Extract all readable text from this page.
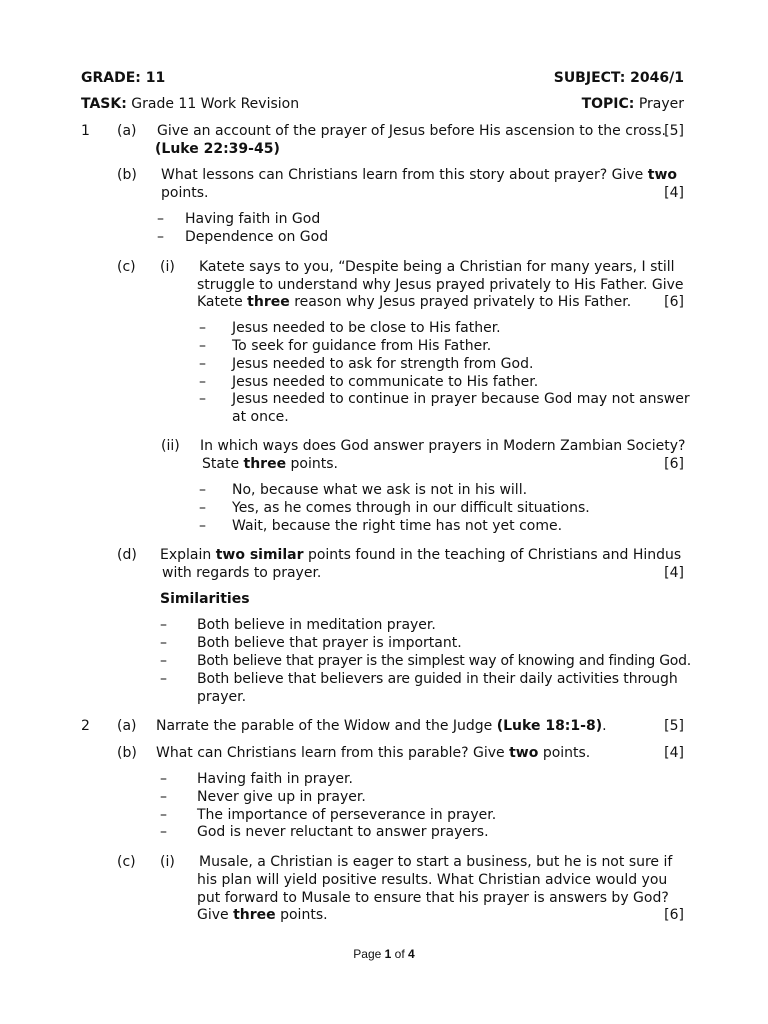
GRADE: 11	SUBJECT: 2046/1
TASK: Grade 11 Work Revision	TOPIC: Prayer
1 (a) Give an account of the prayer of Jesus before His ascension to the cross.
[5]
(Luke 22:39-45)
(b) What lessons can Christians learn from this story about prayer? Give two
points.	[4]
– Having faith in God
– Dependence on God
(c) (i) Katete says to you, “Despite being a Christian for many years, I still
struggle to understand why Jesus prayed privately to His Father. Give
Katete three reason why Jesus prayed privately to His Father. [6]
– Jesus needed to be close to His father.
– To seek for guidance from His Father.
– Jesus needed to ask for strength from God.
– Jesus needed to communicate to His father.
– Jesus needed to continue in prayer because God may not answer
at once.
(ii) In which ways does God answer prayers in Modern Zambian Society?
State three points.	[6]
– No, because what we ask is not in his will.
– Yes, as he comes through in our difficult situations.
– Wait, because the right time has not yet come.
(d) Explain two similar points found in the teaching of Christians and Hindus
with regards to prayer.	[4]
Similarities
– Both believe in meditation prayer.
– Both believe that prayer is important.
– Both believe that prayer is the simplest way of knowing and finding God.
– Both believe that believers are guided in their daily activities through
prayer.
2 (a) Narrate the parable of the Widow and the Judge (Luke 18:1-8).	[5]
(b) What can Christians learn from this parable? Give two points.	[4]
– Having faith in prayer.
– Never give up in prayer.
– The importance of perseverance in prayer.
– God is never reluctant to answer prayers.
(c) (i) Musale, a Christian is eager to start a business, but he is not sure if
his plan will yield positive results. What Christian advice would you
put forward to Musale to ensure that his prayer is answers by God?
Give three points.	[6]
Page 1 of 4
